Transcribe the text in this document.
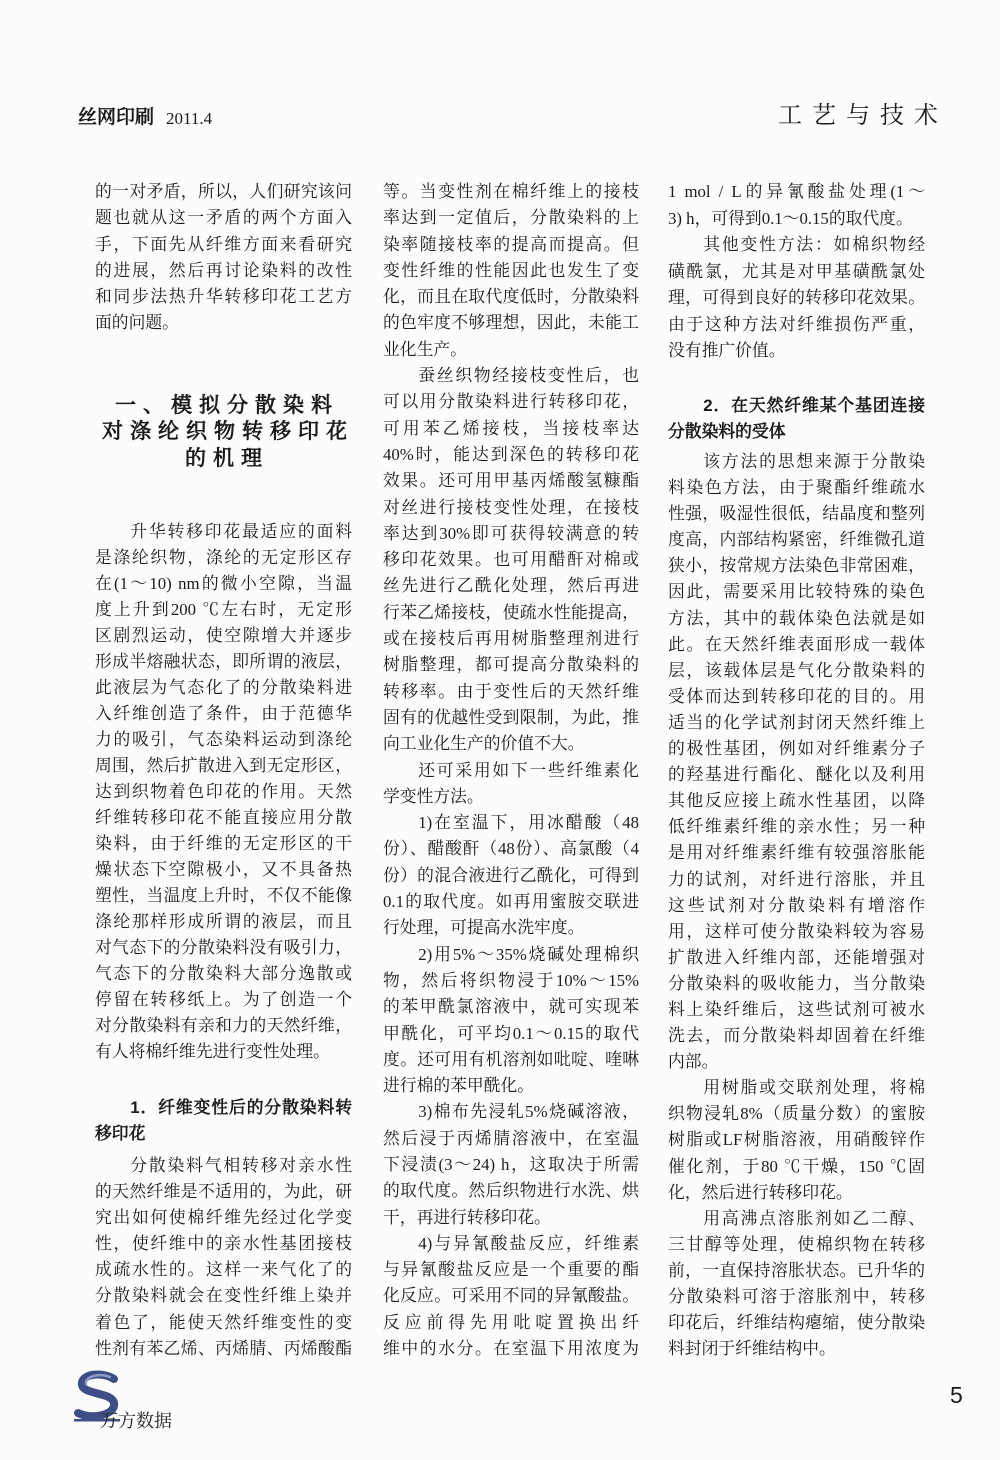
丝网印刷 2011.4	工艺与技术
的一对矛盾，所以，人们研究该问
题也就从这一矛盾的两个方面入
手，下面先从纤维方面来看研究
的进展，然后再讨论染料的改性
和同步法热升华转移印花工艺方
面的问题。
一、模拟分散染料
对涤纶织物转移印花
的机理
升华转移印花最适应的面料
是涤纶织物，涤纶的无定形区存
在(1～10) nm的微小空隙，当温
度上升到200 ℃左右时，无定形
区剧烈运动，使空隙增大并逐步
形成半熔融状态，即所谓的液层，
此液层为气态化了的分散染料进
入纤维创造了条件，由于范德华
力的吸引，气态染料运动到涤纶
周围，然后扩散进入到无定形区，
达到织物着色印花的作用。天然
纤维转移印花不能直接应用分散
染料，由于纤维的无定形区的干
燥状态下空隙极小，又不具备热
塑性，当温度上升时，不仅不能像
涤纶那样形成所谓的液层，而且
对气态下的分散染料没有吸引力，
气态下的分散染料大部分逸散或
停留在转移纸上。为了创造一个
对分散染料有亲和力的天然纤维，
有人将棉纤维先进行变性处理。
1．纤维变性后的分散染料转
移印花
分散染料气相转移对亲水性
的天然纤维是不适用的，为此，研
究出如何使棉纤维先经过化学变
性，使纤维中的亲水性基团接枝
成疏水性的。这样一来气化了的
分散染料就会在变性纤维上染并
着色了，能使天然纤维变性的变
性剂有苯乙烯、丙烯腈、丙烯酸酯
等。当变性剂在棉纤维上的接枝
率达到一定值后，分散染料的上
染率随接枝率的提高而提高。但
变性纤维的性能因此也发生了变
化，而且在取代度低时，分散染料
的色牢度不够理想，因此，未能工
业化生产。
蚕丝织物经接枝变性后，也
可以用分散染料进行转移印花，
可用苯乙烯接枝，当接枝率达
40%时，能达到深色的转移印花
效果。还可用甲基丙烯酸氢糠酯
对丝进行接枝变性处理，在接枝
率达到30%即可获得较满意的转
移印花效果。也可用醋酐对棉或
丝先进行乙酰化处理，然后再进
行苯乙烯接枝，使疏水性能提高，
或在接枝后再用树脂整理剂进行
树脂整理，都可提高分散染料的
转移率。由于变性后的天然纤维
固有的优越性受到限制，为此，推
向工业化生产的价值不大。
还可采用如下一些纤维素化
学变性方法。
1)在室温下，用冰醋酸（48
份）、醋酸酐（48份）、高氯酸（4
份）的混合液进行乙酰化，可得到
0.1的取代度。如再用蜜胺交联进
行处理，可提高水洗牢度。
2)用5%～35%烧碱处理棉织
物，然后将织物浸于10%～15%
的苯甲酰氯溶液中，就可实现苯
甲酰化，可平均0.1～0.15的取代
度。还可用有机溶剂如吡啶、喹啉
进行棉的苯甲酰化。
3)棉布先浸轧5%烧碱溶液，
然后浸于丙烯腈溶液中，在室温
下浸渍(3～24) h，这取决于所需
的取代度。然后织物进行水洗、烘
干，再进行转移印花。
4)与异氰酸盐反应，纤维素
与异氰酸盐反应是一个重要的酯
化反应。可采用不同的异氰酸盐。
反应前得先用吡啶置换出纤
维中的水分。在室温下用浓度为
1 mol / L的异氰酸盐处理(1～
3) h，可得到0.1～0.15的取代度。
其他变性方法：如棉织物经
磺酰氯，尤其是对甲基磺酰氯处
理，可得到良好的转移印花效果。
由于这种方法对纤维损伤严重，
没有推广价值。
2．在天然纤维某个基团连接
分散染料的受体
该方法的思想来源于分散染
料染色方法，由于聚酯纤维疏水
性强，吸湿性很低，结晶度和整列
度高，内部结构紧密，纤维微孔道
狭小，按常规方法染色非常困难，
因此，需要采用比较特殊的染色
方法，其中的载体染色法就是如
此。在天然纤维表面形成一载体
层，该载体层是气化分散染料的
受体而达到转移印花的目的。用
适当的化学试剂封闭天然纤维上
的极性基团，例如对纤维素分子
的羟基进行酯化、醚化以及利用
其他反应接上疏水性基团，以降
低纤维素纤维的亲水性；另一种
是用对纤维素纤维有较强溶胀能
力的试剂，对纤进行溶胀，并且
这些试剂对分散染料有增溶作
用，这样可使分散染料较为容易
扩散进入纤维内部，还能增强对
分散染料的吸收能力，当分散染
料上染纤维后，这些试剂可被水
洗去，而分散染料却固着在纤维
内部。
用树脂或交联剂处理，将棉
织物浸轧8%（质量分数）的蜜胺
树脂或LF树脂溶液，用硝酸锌作
催化剂，于80 ℃干燥，150 ℃固
化，然后进行转移印花。
用高沸点溶胀剂如乙二醇、
三甘醇等处理，使棉织物在转移
前，一直保持溶胀状态。已升华的
分散染料可溶于溶胀剂中，转移
印花后，纤维结构瘪缩，使分散染
料封闭于纤维结构中。
万方数据
5
